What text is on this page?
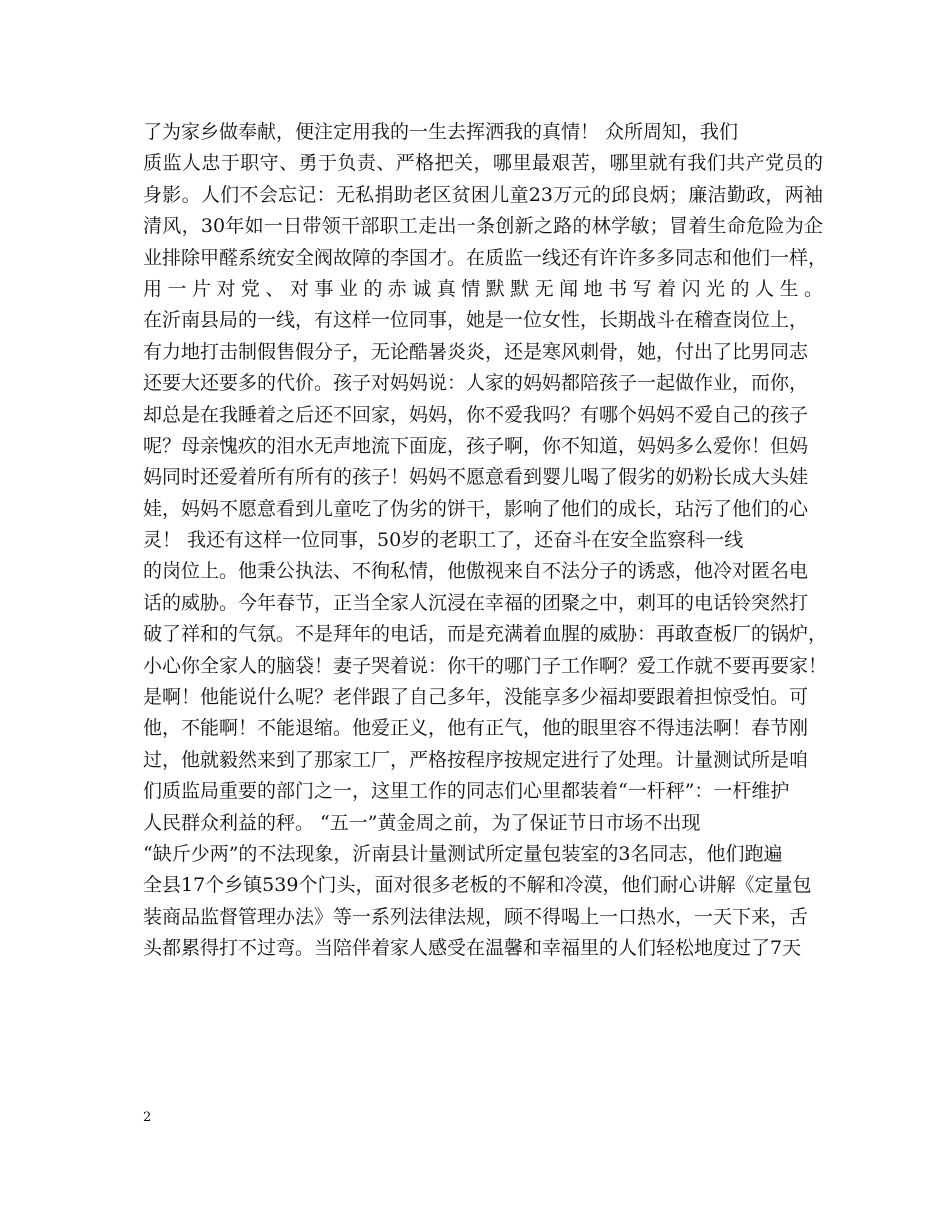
了为家乡做奉献，便注定用我的一生去挥洒我的真情！ 众所周知，我们
质监人忠于职守、勇于负责、严格把关，哪里最艰苦，哪里就有我们共产党员的
身影。人们不会忘记：无私捐助老区贫困儿童23万元的邱良炳；廉洁勤政，两袖
清风，30年如一日带领干部职工走出一条创新之路的林学敏；冒着生命危险为企
业排除甲醛系统安全阀故障的李国才。在质监一线还有许许多多同志和他们一样，
用一片对党、对事业的赤诚真情默默无闻地书写着闪光的人生。
在沂南县局的一线，有这样一位同事，她是一位女性，长期战斗在稽查岗位上，
有力地打击制假售假分子，无论酷暑炎炎，还是寒风刺骨，她，付出了比男同志
还要大还要多的代价。孩子对妈妈说：人家的妈妈都陪孩子一起做作业，而你，
却总是在我睡着之后还不回家，妈妈，你不爱我吗？有哪个妈妈不爱自己的孩子
呢？母亲愧疚的泪水无声地流下面庞，孩子啊，你不知道，妈妈多么爱你！但妈
妈同时还爱着所有所有的孩子！妈妈不愿意看到婴儿喝了假劣的奶粉长成大头娃
娃，妈妈不愿意看到儿童吃了伪劣的饼干，影响了他们的成长，玷污了他们的心
灵！ 我还有这样一位同事，50岁的老职工了，还奋斗在安全监察科一线
的岗位上。他秉公执法、不徇私情，他傲视来自不法分子的诱惑，他冷对匿名电
话的威胁。今年春节，正当全家人沉浸在幸福的团聚之中，刺耳的电话铃突然打
破了祥和的气氛。不是拜年的电话，而是充满着血腥的威胁：再敢查板厂的锅炉，
小心你全家人的脑袋！妻子哭着说：你干的哪门子工作啊？爱工作就不要再要家！
是啊！他能说什么呢？老伴跟了自己多年，没能享多少福却要跟着担惊受怕。可
他，不能啊！不能退缩。他爱正义，他有正气，他的眼里容不得违法啊！春节刚
过，他就毅然来到了那家工厂，严格按程序按规定进行了处理。计量测试所是咱
们质监局重要的部门之一，这里工作的同志们心里都装着“一杆秤”：一杆维护
人民群众利益的秤。 “五一”黄金周之前，为了保证节日市场不出现
“缺斤少两”的不法现象，沂南县计量测试所定量包装室的3名同志，他们跑遍
全县17个乡镇539个门头，面对很多老板的不解和冷漠，他们耐心讲解《定量包
装商品监督管理办法》等一系列法律法规，顾不得喝上一口热水，一天下来，舌
头都累得打不过弯。当陪伴着家人感受在温馨和幸福里的人们轻松地度过了7天
2
